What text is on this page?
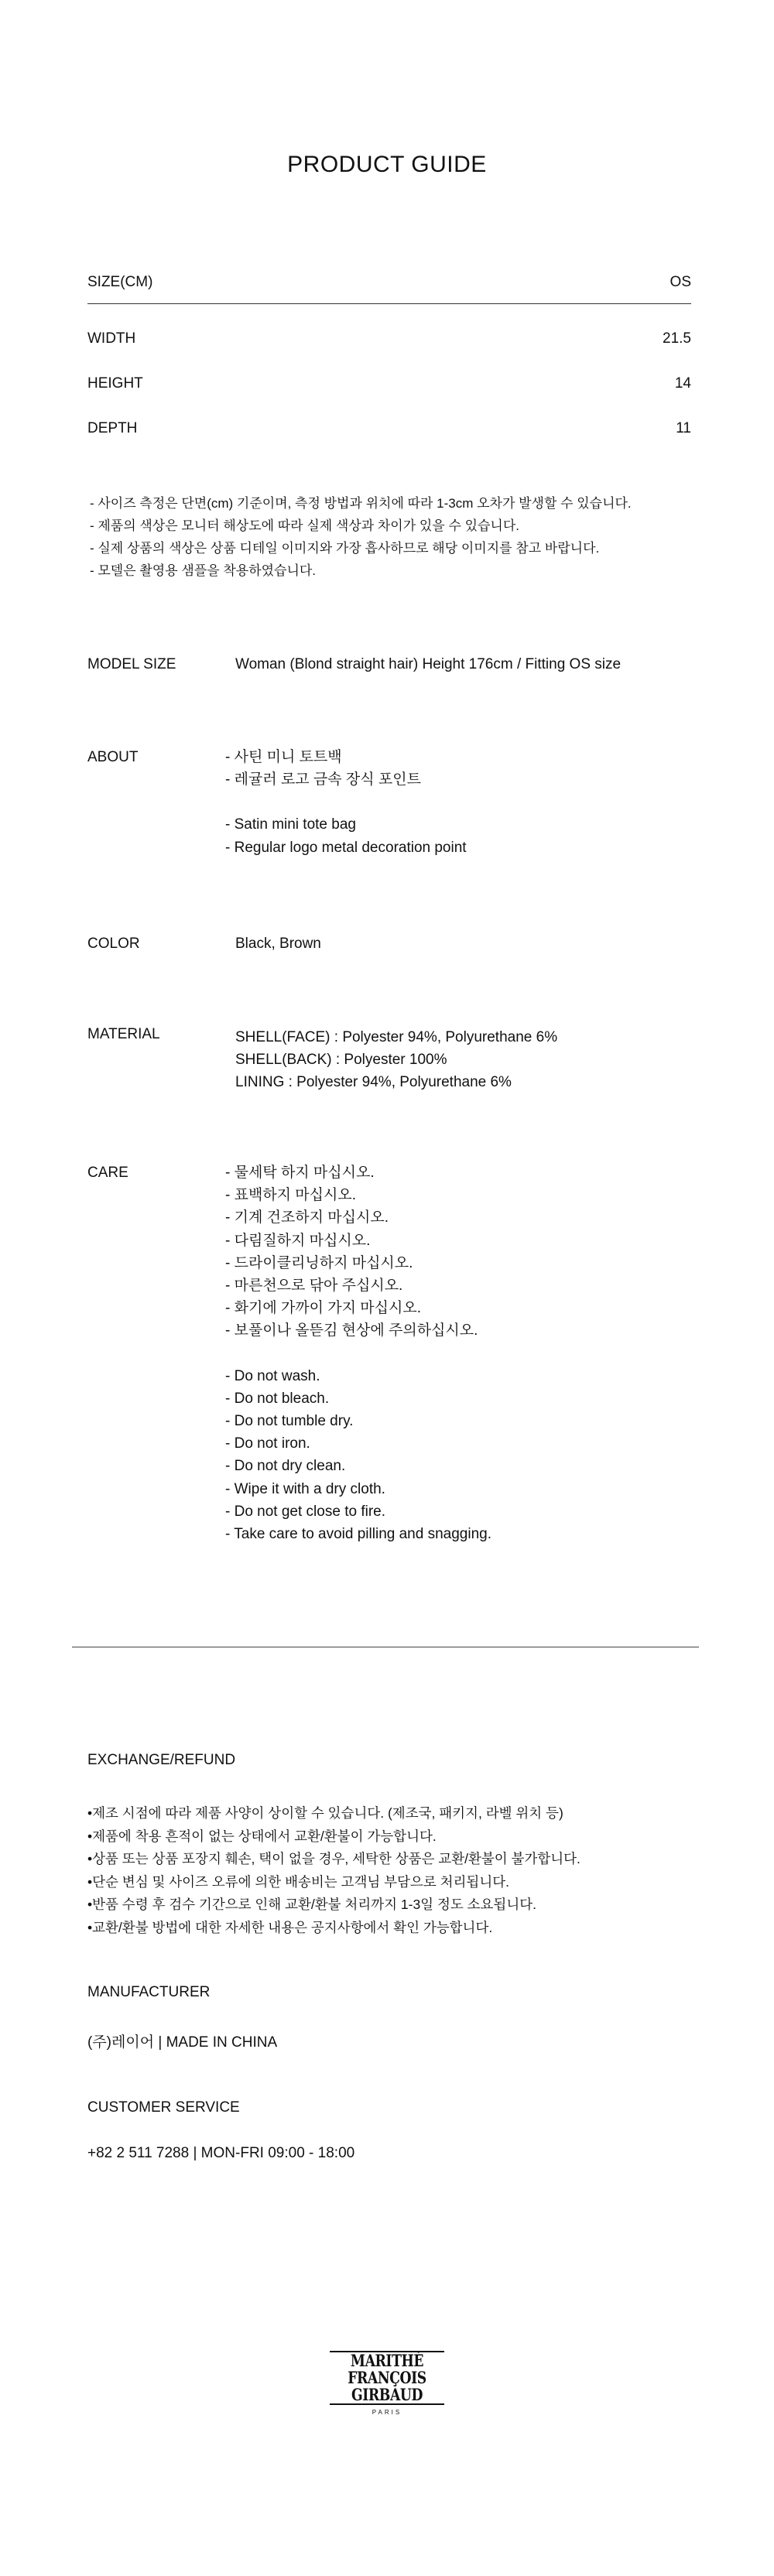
PRODUCT GUIDE
SIZE(CM)	OS
WIDTH	21.5
HEIGHT	14
DEPTH	11
- 사이즈 측정은 단면(cm) 기준이며, 측정 방법과 위치에 따라 1-3cm 오차가 발생할 수 있습니다.
- 제품의 색상은 모니터 해상도에 따라 실제 색상과 차이가 있을 수 있습니다.
- 실제 상품의 색상은 상품 디테일 이미지와 가장 흡사하므로 해당 이미지를 참고 바랍니다.
- 모델은 촬영용 샘플을 착용하였습니다.
MODEL SIZE	Woman (Blond straight hair) Height 176cm / Fitting OS size
ABOUT	- 사틴 미니 토트백
- 레귤러 로고 금속 장식 포인트
- Satin mini tote bag
- Regular logo metal decoration point
COLOR	Black, Brown
MATERIAL	SHELL(FACE) : Polyester 94%, Polyurethane 6%
SHELL(BACK) : Polyester 100%
LINING : Polyester 94%, Polyurethane 6%
CARE	- 물세탁 하지 마십시오.
- 표백하지 마십시오.
- 기계 건조하지 마십시오.
- 다림질하지 마십시오.
- 드라이클리닝하지 마십시오.
- 마른천으로 닦아 주십시오.
- 화기에 가까이 가지 마십시오.
- 보풀이나 올뜯김 현상에 주의하십시오.
- Do not wash.
- Do not bleach.
- Do not tumble dry.
- Do not iron.
- Do not dry clean.
- Wipe it with a dry cloth.
- Do not get close to fire.
- Take care to avoid pilling and snagging.
EXCHANGE/REFUND
•제조 시점에 따라 제품 사양이 상이할 수 있습니다. (제조국, 패키지, 라벨 위치 등)
•제품에 착용 흔적이 없는 상태에서 교환/환불이 가능합니다.
•상품 또는 상품 포장지 훼손, 택이 없을 경우, 세탁한 상품은 교환/환불이 불가합니다.
•단순 변심 및 사이즈 오류에 의한 배송비는 고객님 부담으로 처리됩니다.
•반품 수령 후 검수 기간으로 인해 교환/환불 처리까지 1-3일 정도 소요됩니다.
•교환/환불 방법에 대한 자세한 내용은 공지사항에서 확인 가능합니다.
MANUFACTURER
(주)레이어 | MADE IN CHINA
CUSTOMER SERVICE
+82 2 511 7288 | MON-FRI 09:00 - 18:00
MARITHÉ
FRANÇOIS
GIRBAUD
PARIS
